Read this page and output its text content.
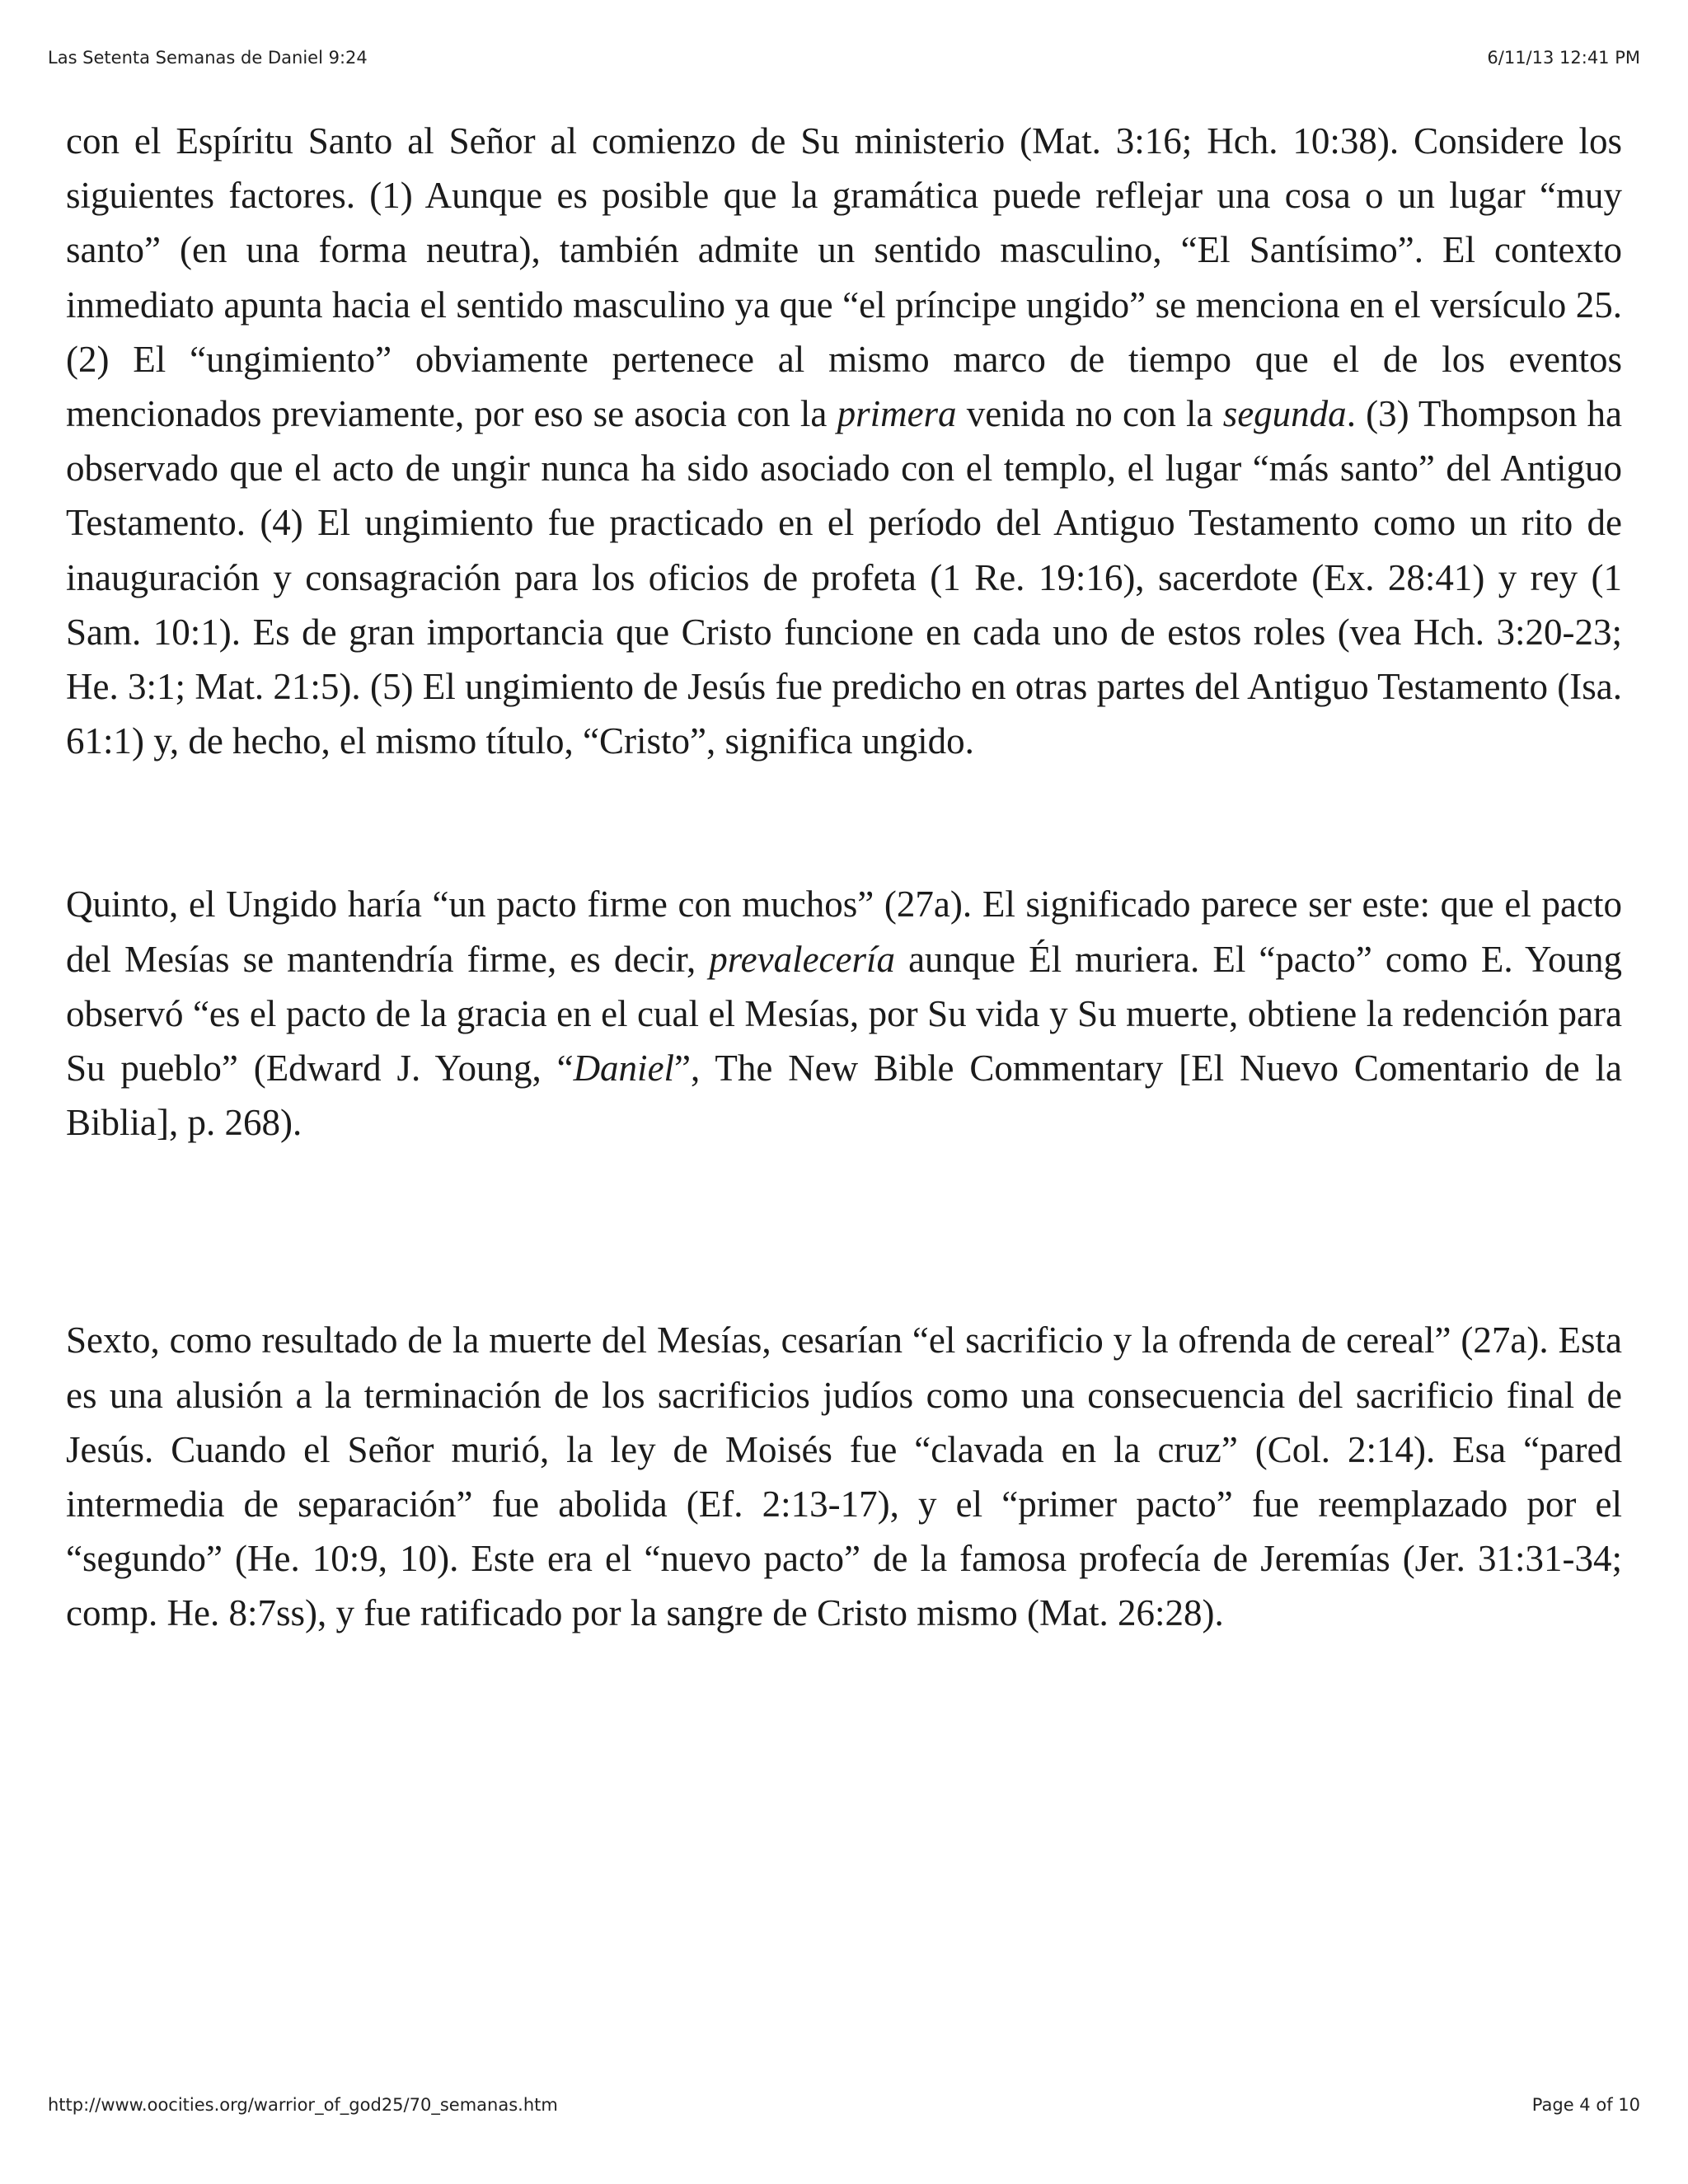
Las Setenta Semanas de Daniel 9:24	6/11/13 12:41 PM

con el Espíritu Santo al Señor al comienzo de Su ministerio (Mat. 3:16; Hch. 10:38). Considere los siguientes factores. (1) Aunque es posible que la gramática puede reflejar una cosa o un lugar “muy santo” (en una forma neutra), también admite un sentido masculino, “El Santísimo”. El contexto inmediato apunta hacia el sentido masculino ya que “el príncipe ungido” se menciona en el versículo 25. (2) El “ungimiento” obviamente pertenece al mismo marco de tiempo que el de los eventos mencionados previamente, por eso se asocia con la primera venida no con la segunda. (3) Thompson ha observado que el acto de ungir nunca ha sido asociado con el templo, el lugar “más santo” del Antiguo Testamento. (4) El ungimiento fue practicado en el período del Antiguo Testamento como un rito de inauguración y consagración para los oficios de profeta (1 Re. 19:16), sacerdote (Ex. 28:41) y rey (1 Sam. 10:1). Es de gran importancia que Cristo funcione en cada uno de estos roles (vea Hch. 3:20-23; He. 3:1; Mat. 21:5). (5) El ungimiento de Jesús fue predicho en otras partes del Antiguo Testamento (Isa. 61:1) y, de hecho, el mismo título, “Cristo”, significa ungido.

Quinto, el Ungido haría “un pacto firme con muchos” (27a). El significado parece ser este: que el pacto del Mesías se mantendría firme, es decir, prevalecería aunque Él muriera. El “pacto” como E. Young observó “es el pacto de la gracia en el cual el Mesías, por Su vida y Su muerte, obtiene la redención para Su pueblo” (Edward J. Young, “Daniel”, The New Bible Commentary [El Nuevo Comentario de la Biblia], p. 268).

Sexto, como resultado de la muerte del Mesías, cesarían “el sacrificio y la ofrenda de cereal” (27a). Esta es una alusión a la terminación de los sacrificios judíos como una consecuencia del sacrificio final de Jesús. Cuando el Señor murió, la ley de Moisés fue “clavada en la cruz” (Col. 2:14). Esa “pared intermedia de separación” fue abolida (Ef. 2:13-17), y el “primer pacto” fue reemplazado por el “segundo” (He. 10:9, 10). Este era el “nuevo pacto” de la famosa profecía de Jeremías (Jer. 31:31-34; comp. He. 8:7ss), y fue ratificado por la sangre de Cristo mismo (Mat. 26:28).

http://www.oocities.org/warrior_of_god25/70_semanas.htm	Page 4 of 10
